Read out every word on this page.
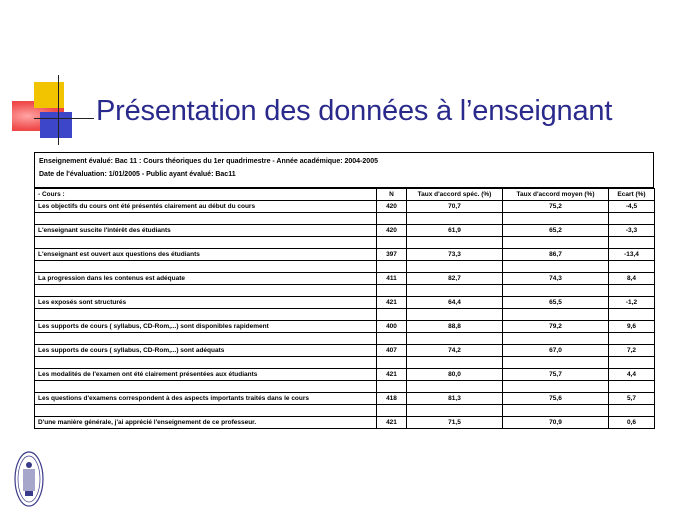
Présentation des données à l’enseignant
Enseignement évalué: Bac 11 : Cours théoriques du 1er quadrimestre - Année académique: 2004-2005
Date de l'évaluation: 1/01/2005 - Public ayant évalué: Bac11
- Cours :	N	Taux d'accord spéc. (%)	Taux d'accord moyen (%)	Ecart (%)
Les objectifs du cours ont été présentés clairement au début du cours	420	70,7	75,2	-4,5

L'enseignant suscite l'intérêt des étudiants	420	61,9	65,2	-3,3

L'enseignant est ouvert aux questions des étudiants	397	73,3	86,7	-13,4

La progression dans les contenus est adéquate	411	82,7	74,3	8,4

Les exposés sont structurés	421	64,4	65,5	-1,2

Les supports de cours ( syllabus, CD-Rom,...) sont disponibles rapidement	400	88,8	79,2	9,6

Les supports de cours ( syllabus, CD-Rom,...) sont adéquats	407	74,2	67,0	7,2

Les modalités de l'examen ont été clairement présentées aux étudiants	421	80,0	75,7	4,4

Les questions d'examens correspondent à des aspects importants traités dans le cours	418	81,3	75,6	5,7

D'une manière générale, j'ai apprécié l'enseignement de ce professeur.	421	71,5	70,9	0,6
